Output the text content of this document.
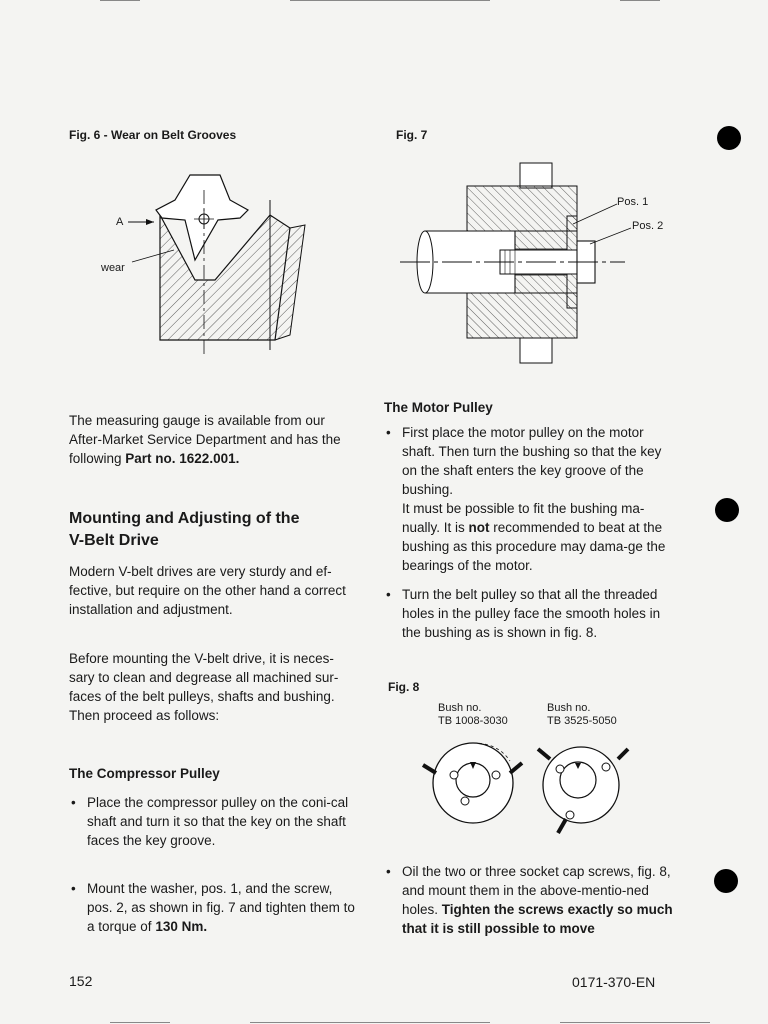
Fig. 6 - Wear on Belt Grooves
A
wear
Fig. 7
Pos. 1
Pos. 2
The measuring gauge is available from our After-Market Service Department and has the following Part no. 1622.001.
Mounting and Adjusting of the
V-Belt Drive
Modern V-belt drives are very sturdy and ef-fective, but require on the other hand a correct installation and adjustment.
Before mounting the V-belt drive, it is neces-sary to clean and degrease all machined sur-faces of the belt pulleys, shafts and bushing. Then proceed as follows:
The Compressor Pulley
• Place the compressor pulley on the coni-cal shaft and turn it so that the key on the shaft faces the key groove.
• Mount the washer, pos. 1, and the screw, pos. 2, as shown in fig. 7 and tighten them to a torque of 130 Nm.
The Motor Pulley
• First place the motor pulley on the motor shaft. Then turn the bushing so that the key on the shaft enters the key groove of the bushing.
It must be possible to fit the bushing ma-nually. It is not recommended to beat at the bushing as this procedure may dama-ge the bearings of the motor.
• Turn the belt pulley so that all the threaded holes in the pulley face the smooth holes in the bushing as is shown in fig. 8.
Fig. 8
Bush no.
TB 1008-3030
Bush no.
TB 3525-5050
• Oil the two or three socket cap screws, fig. 8, and mount them in the above-mentio-ned holes. Tighten the screws exactly so much that it is still possible to move
152	0171-370-EN
